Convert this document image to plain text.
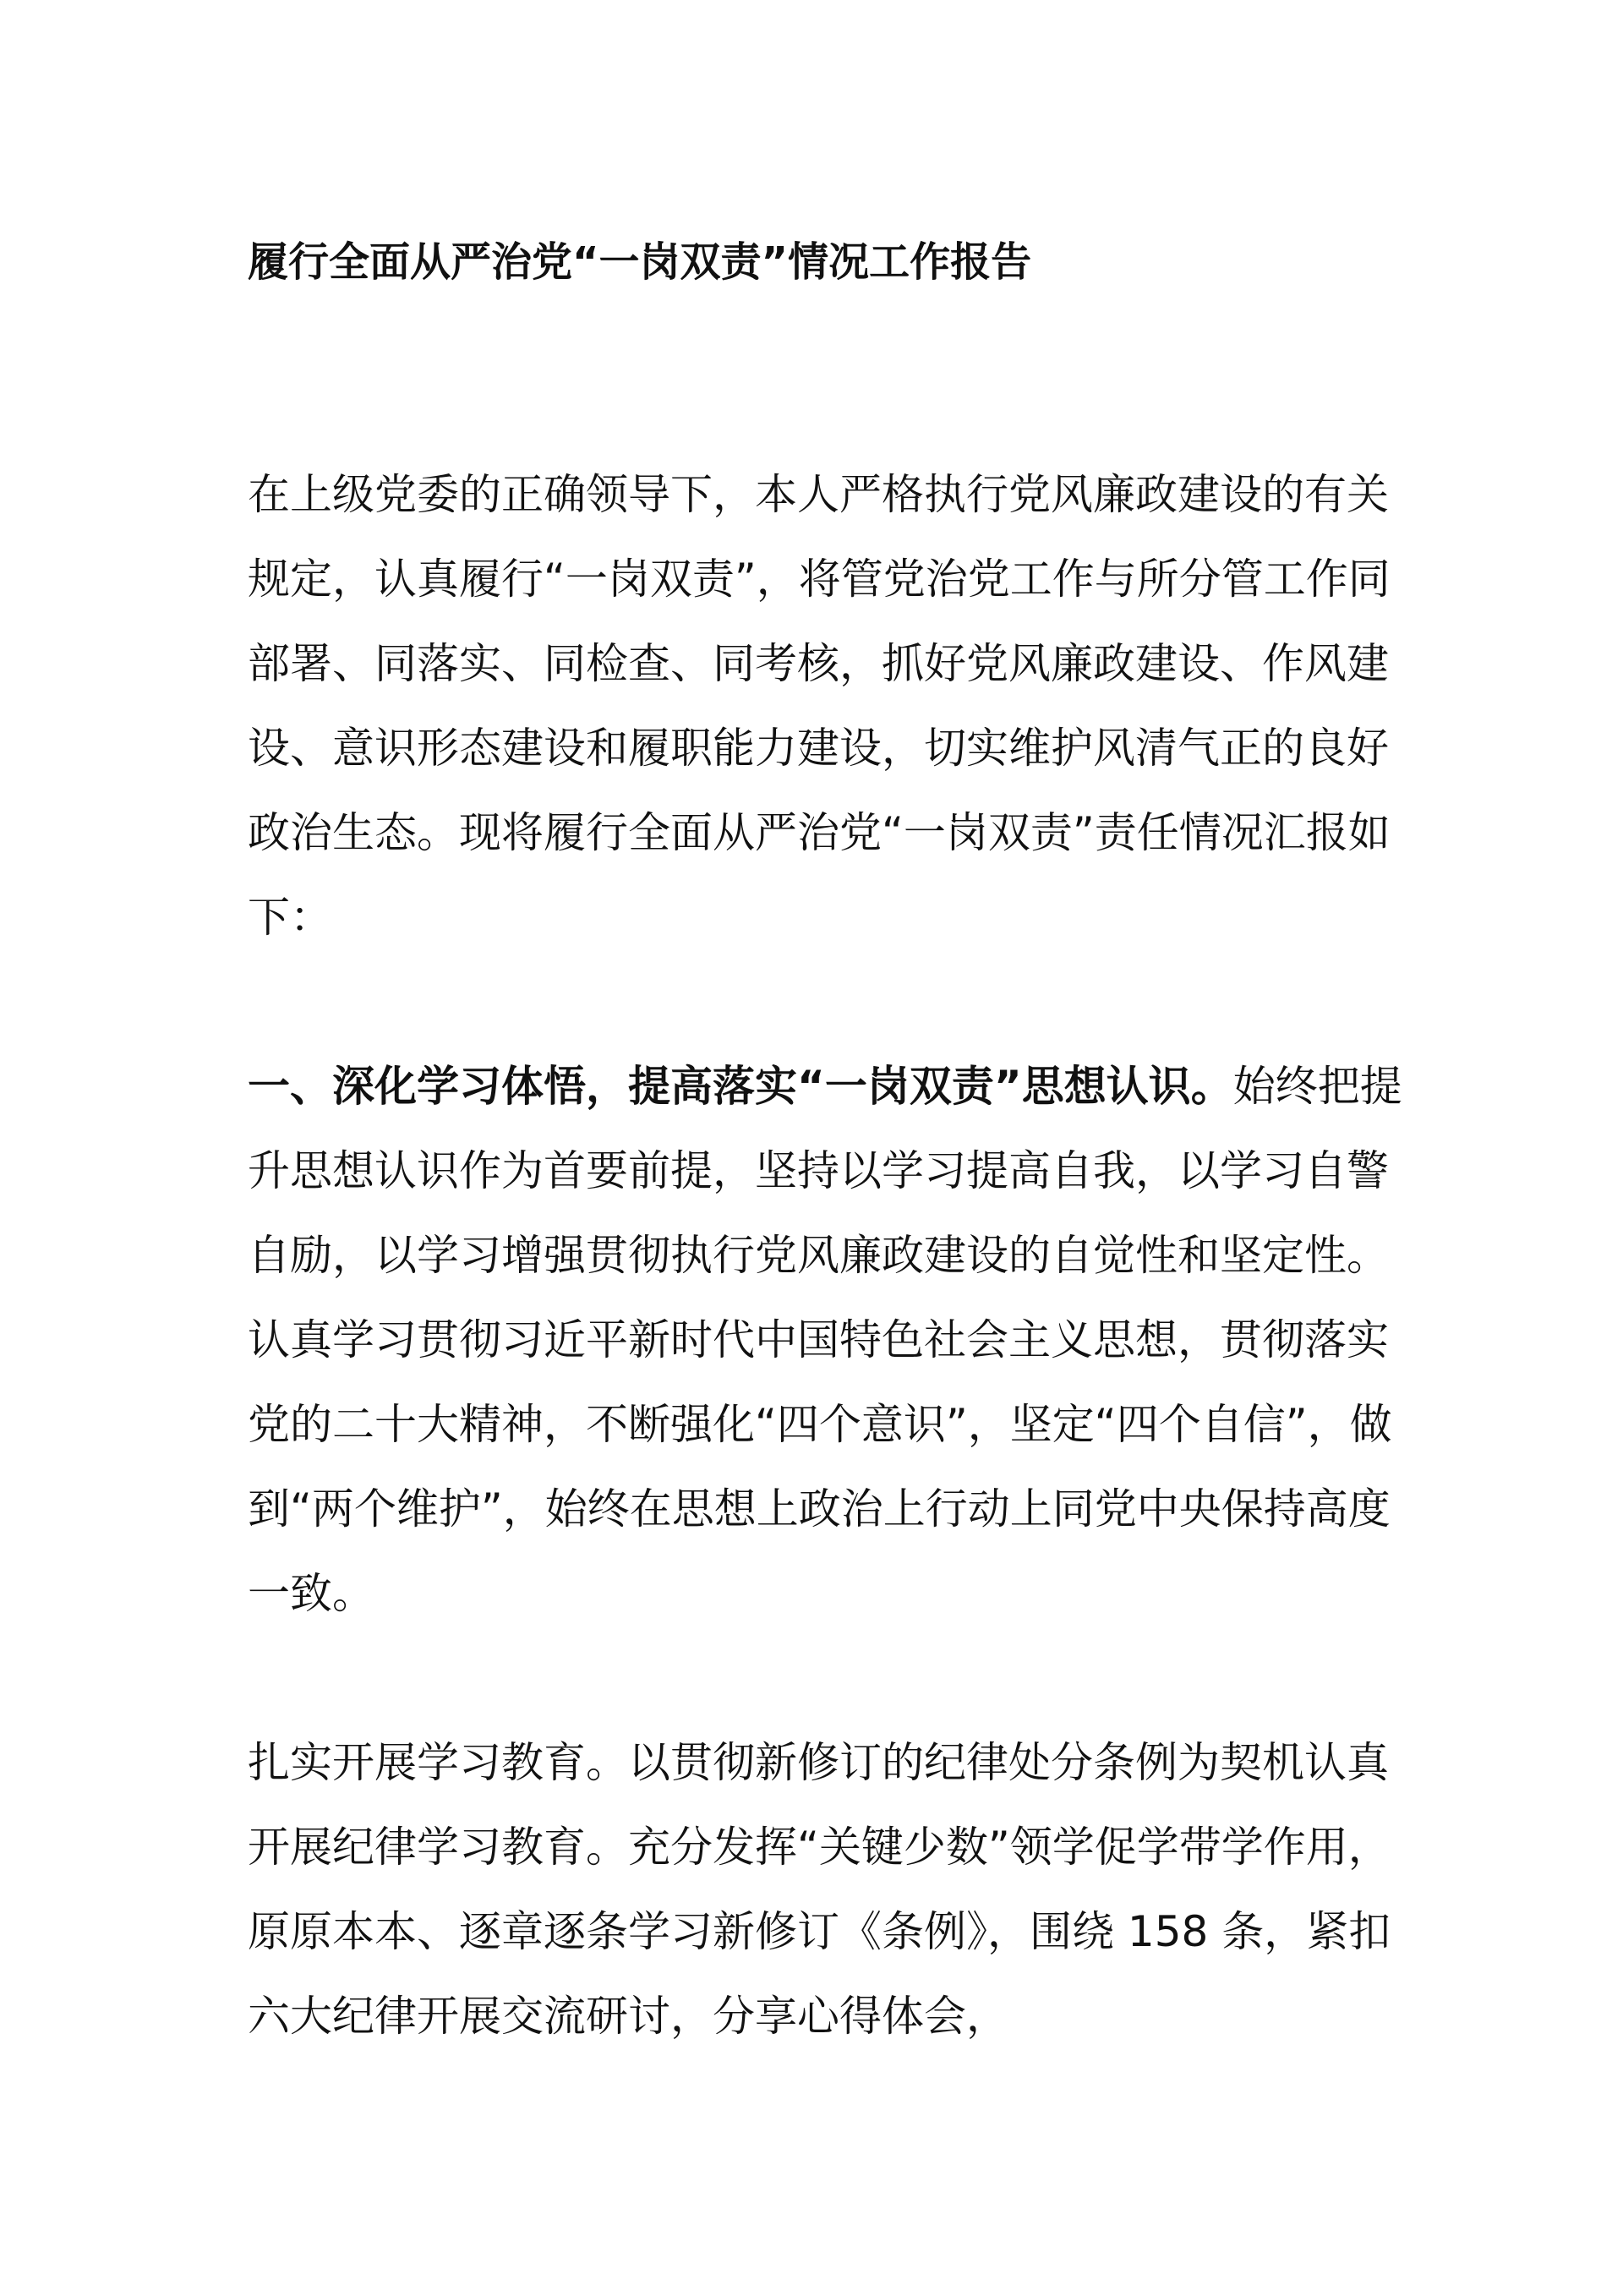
履行全面从严治党“一岗双责”情况工作报告

在上级党委的正确领导下，本人严格执行党风廉政建设的有关规定，认真履行“一岗双责”，将管党治党工作与所分管工作同部署、同落实、同检查、同考核，抓好党风廉政建设、作风建设、意识形态建设和履职能力建设，切实维护风清气正的良好政治生态。现将履行全面从严治党“一岗双责”责任情况汇报如下：

一、深化学习体悟，提高落实“一岗双责”思想认识。始终把提升思想认识作为首要前提，坚持以学习提高自我，以学习自警自励，以学习增强贯彻执行党风廉政建设的自觉性和坚定性。认真学习贯彻习近平新时代中国特色社会主义思想，贯彻落实党的二十大精神，不断强化“四个意识”，坚定“四个自信”，做到“两个维护”，始终在思想上政治上行动上同党中央保持高度一致。

扎实开展学习教育。以贯彻新修订的纪律处分条例为契机认真开展纪律学习教育。充分发挥“关键少数”领学促学带学作用，原原本本、逐章逐条学习新修订《条例》，围绕 158 条，紧扣六大纪律开展交流研讨，分享心得体会，
